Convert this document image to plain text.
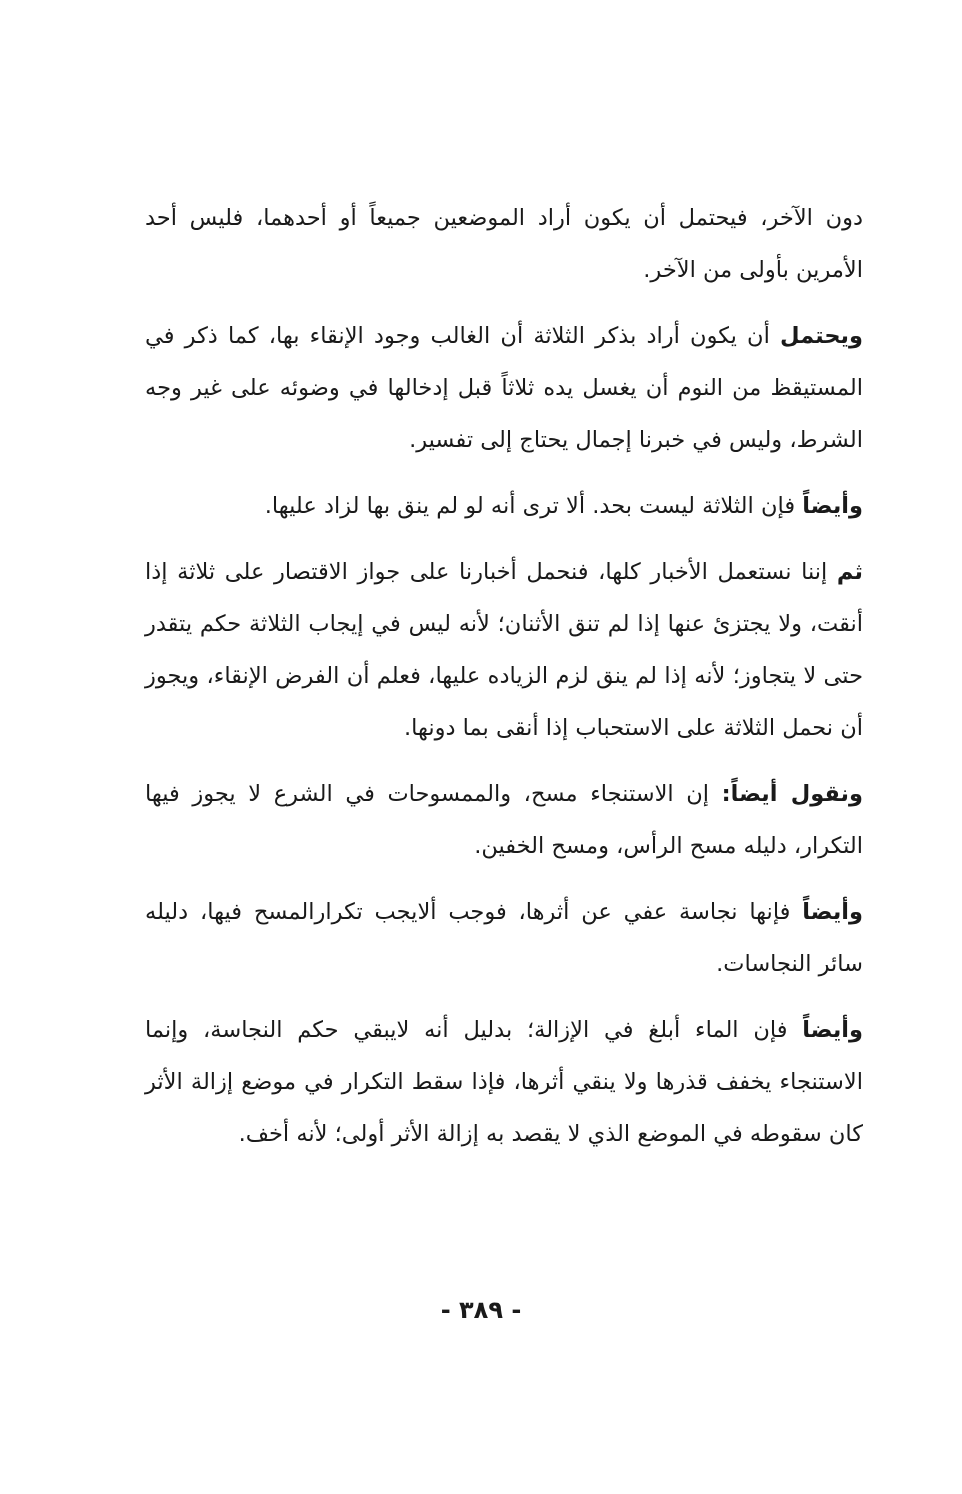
دون الآخر، فيحتمل أن يكون أراد الموضعين جميعاً أو أحدهما، فليس أحد الأمرين بأولى من الآخر.

ويحتمل أن يكون أراد بذكر الثلاثة أن الغالب وجود الإنقاء بها، كما ذكر في المستيقظ من النوم أن يغسل يده ثلاثاً قبل إدخالها في وضوئه على غير وجه الشرط، وليس في خبرنا إجمال يحتاج إلى تفسير.

وأيضاً فإن الثلاثة ليست بحد. ألا ترى أنه لو لم ينق بها لزاد عليها.

ثم إننا نستعمل الأخبار كلها، فنحمل أخبارنا على جواز الاقتصار على ثلاثة إذا أنقت، ولا يجتزئ عنها إذا لم تنق الأثنان؛ لأنه ليس في إيجاب الثلاثة حكم يتقدر حتى لا يتجاوز؛ لأنه إذا لم ينق لزم الزياده عليها، فعلم أن الفرض الإنقاء، ويجوز أن نحمل الثلاثة على الاستحباب إذا أنقى بما دونها.

ونقول أيضاً: إن الاستنجاء مسح، والممسوحات في الشرع لا يجوز فيها التكرار، دليله مسح الرأس، ومسح الخفين.

وأيضاً فإنها نجاسة عفي عن أثرها، فوجب ألايجب تكرارالمسح فيها، دليله سائر النجاسات.

وأيضاً فإن الماء أبلغ في الإزالة؛ بدليل أنه لايبقي حكم النجاسة، وإنما الاستنجاء يخفف قذرها ولا ينقي أثرها، فإذا سقط التكرار في موضع إزالة الأثر كان سقوطه في الموضع الذي لا يقصد به إزالة الأثر أولى؛ لأنه أخف.

- ٣٨٩ -
